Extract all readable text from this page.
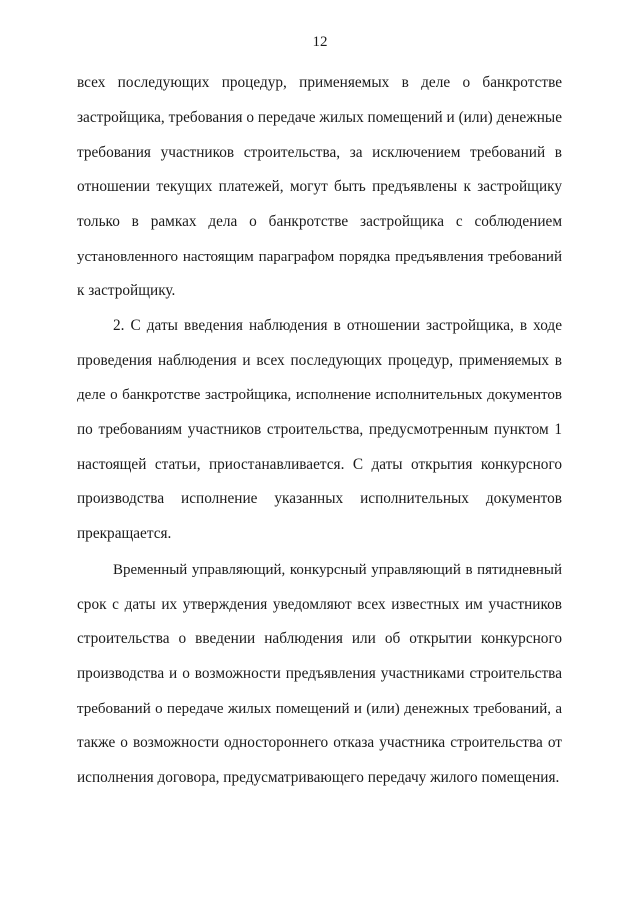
12
всех последующих процедур, применяемых в деле о банкротстве
застройщика, требования о передаче жилых помещений и (или) денежные
требования участников строительства, за исключением требований в
отношении текущих платежей, могут быть предъявлены к застройщику
только в рамках дела о банкротстве застройщика с соблюдением
установленного настоящим параграфом порядка предъявления требований
к застройщику.
2. С даты введения наблюдения в отношении застройщика, в ходе
проведения наблюдения и всех последующих процедур, применяемых в
деле о банкротстве застройщика, исполнение исполнительных документов
по требованиям участников строительства, предусмотренным пунктом 1
настоящей статьи, приостанавливается. С даты открытия конкурсного
производства исполнение указанных исполнительных документов
прекращается.
Временный управляющий, конкурсный управляющий в пятидневный
срок с даты их утверждения уведомляют всех известных им участников
строительства о введении наблюдения или об открытии конкурсного
производства и о возможности предъявления участниками строительства
требований о передаче жилых помещений и (или) денежных требований, а
также о возможности одностороннего отказа участника строительства от
исполнения договора, предусматривающего передачу жилого помещения.
